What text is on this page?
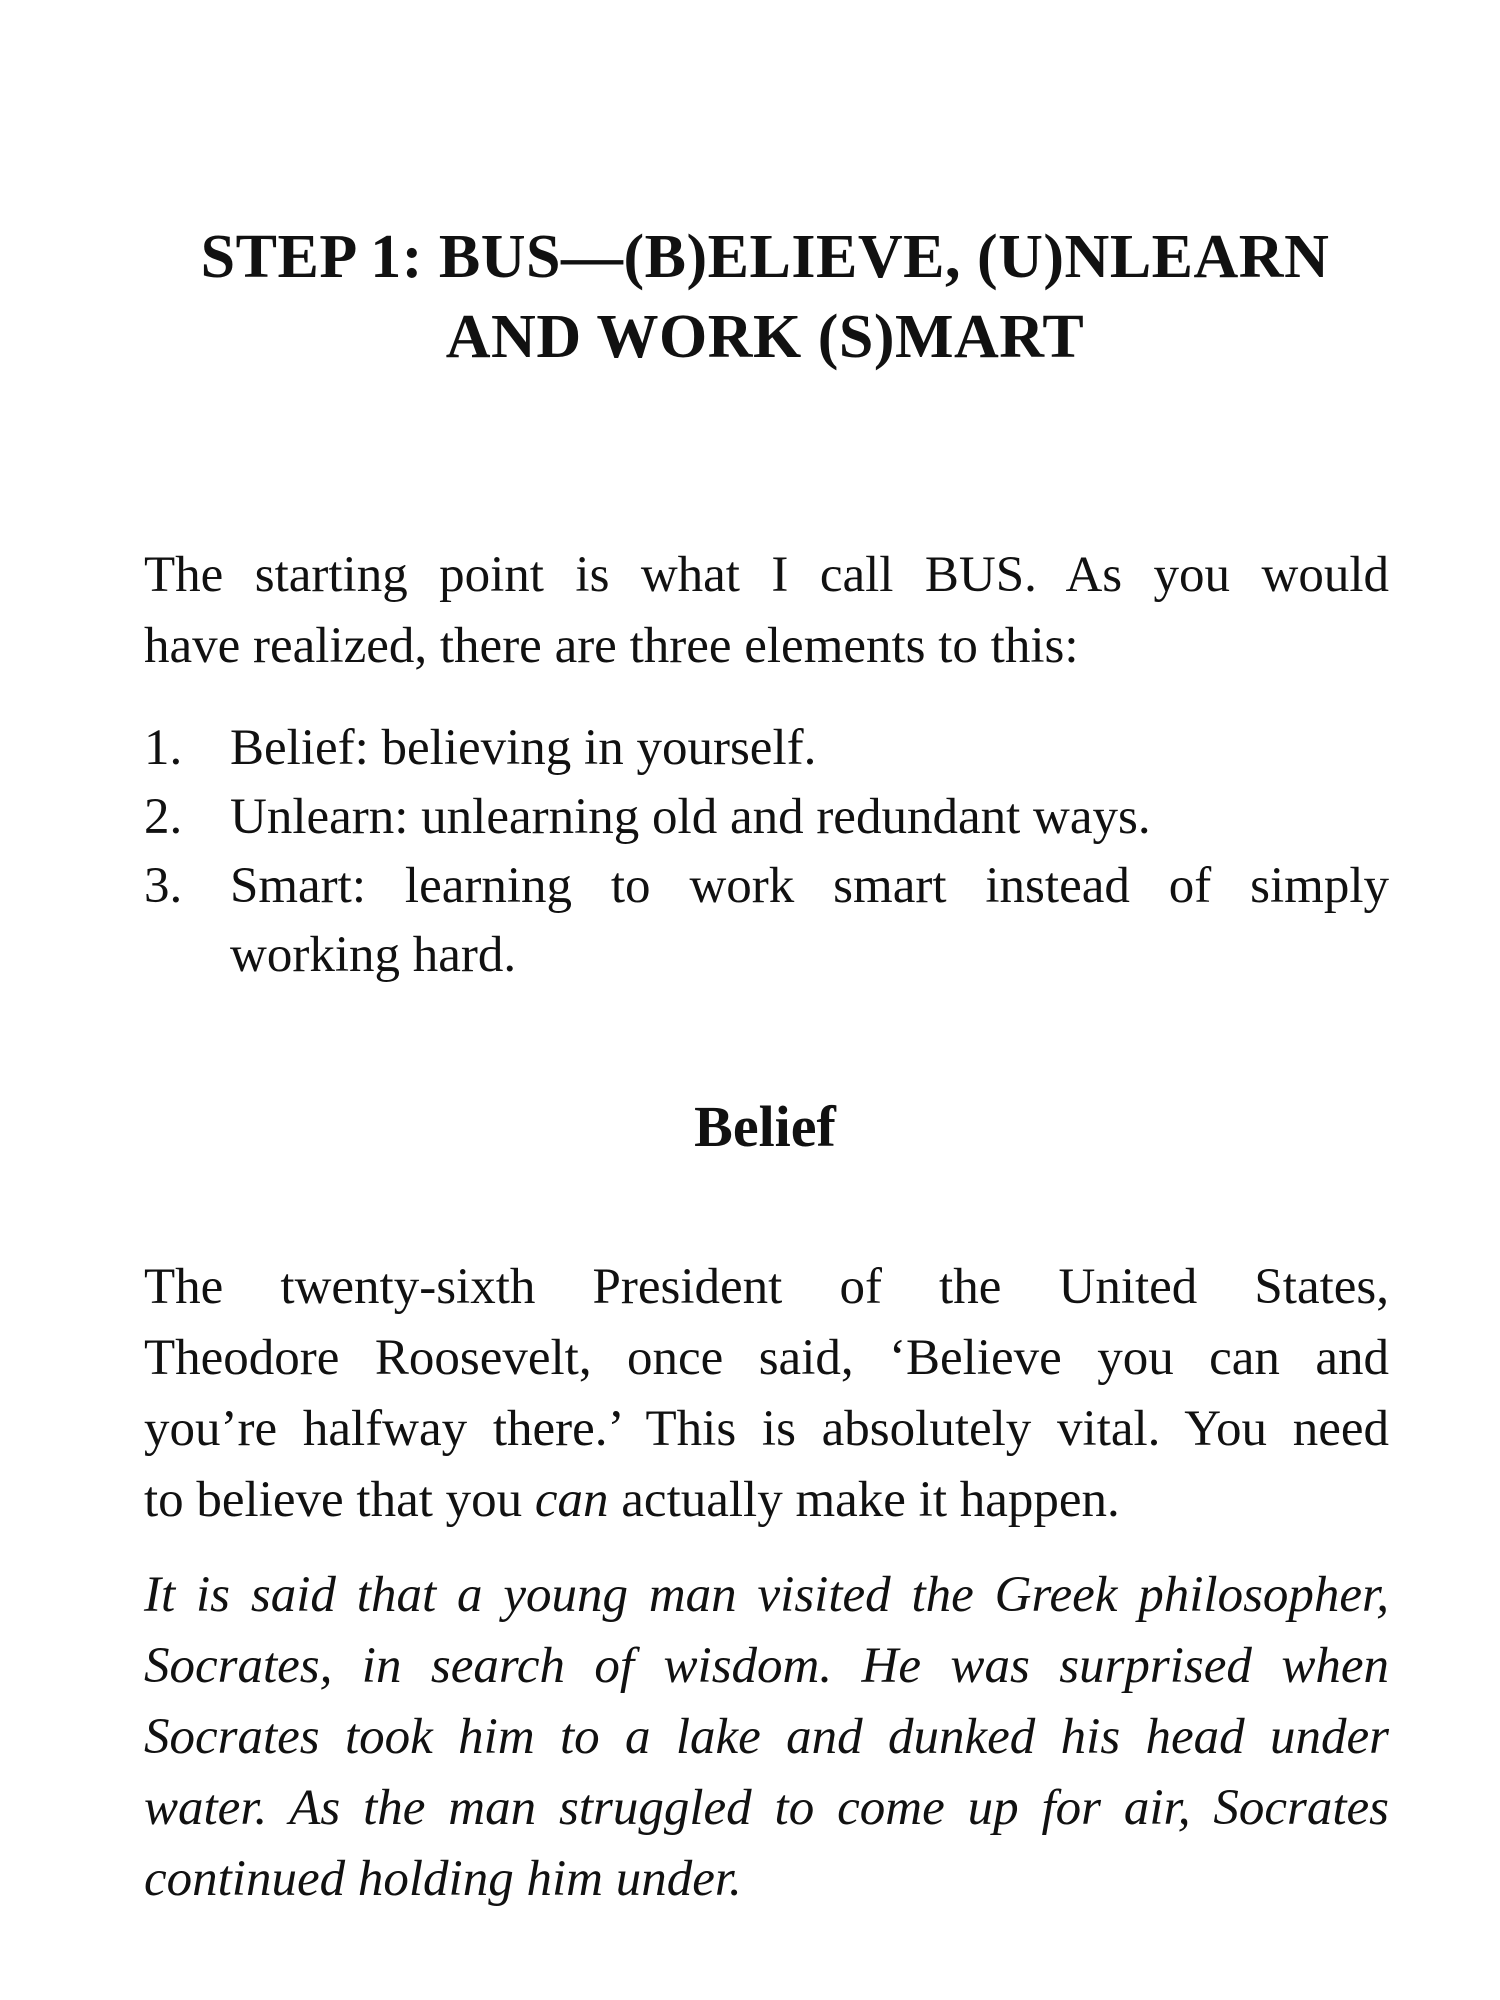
STEP 1: BUS—(B)ELIEVE, (U)NLEARN
AND WORK (S)MART
The starting point is what I call BUS. As you would
have realized, there are three elements to this:
1. Belief: believing in yourself.
2. Unlearn: unlearning old and redundant ways.
3. Smart: learning to work smart instead of simply
working hard.
Belief
The twenty-sixth President of the United States,
Theodore Roosevelt, once said, ‘Believe you can and
you’re halfway there.’ This is absolutely vital. You need
to believe that you can actually make it happen.
It is said that a young man visited the Greek philosopher,
Socrates, in search of wisdom. He was surprised when
Socrates took him to a lake and dunked his head under
water. As the man struggled to come up for air, Socrates
continued holding him under.
